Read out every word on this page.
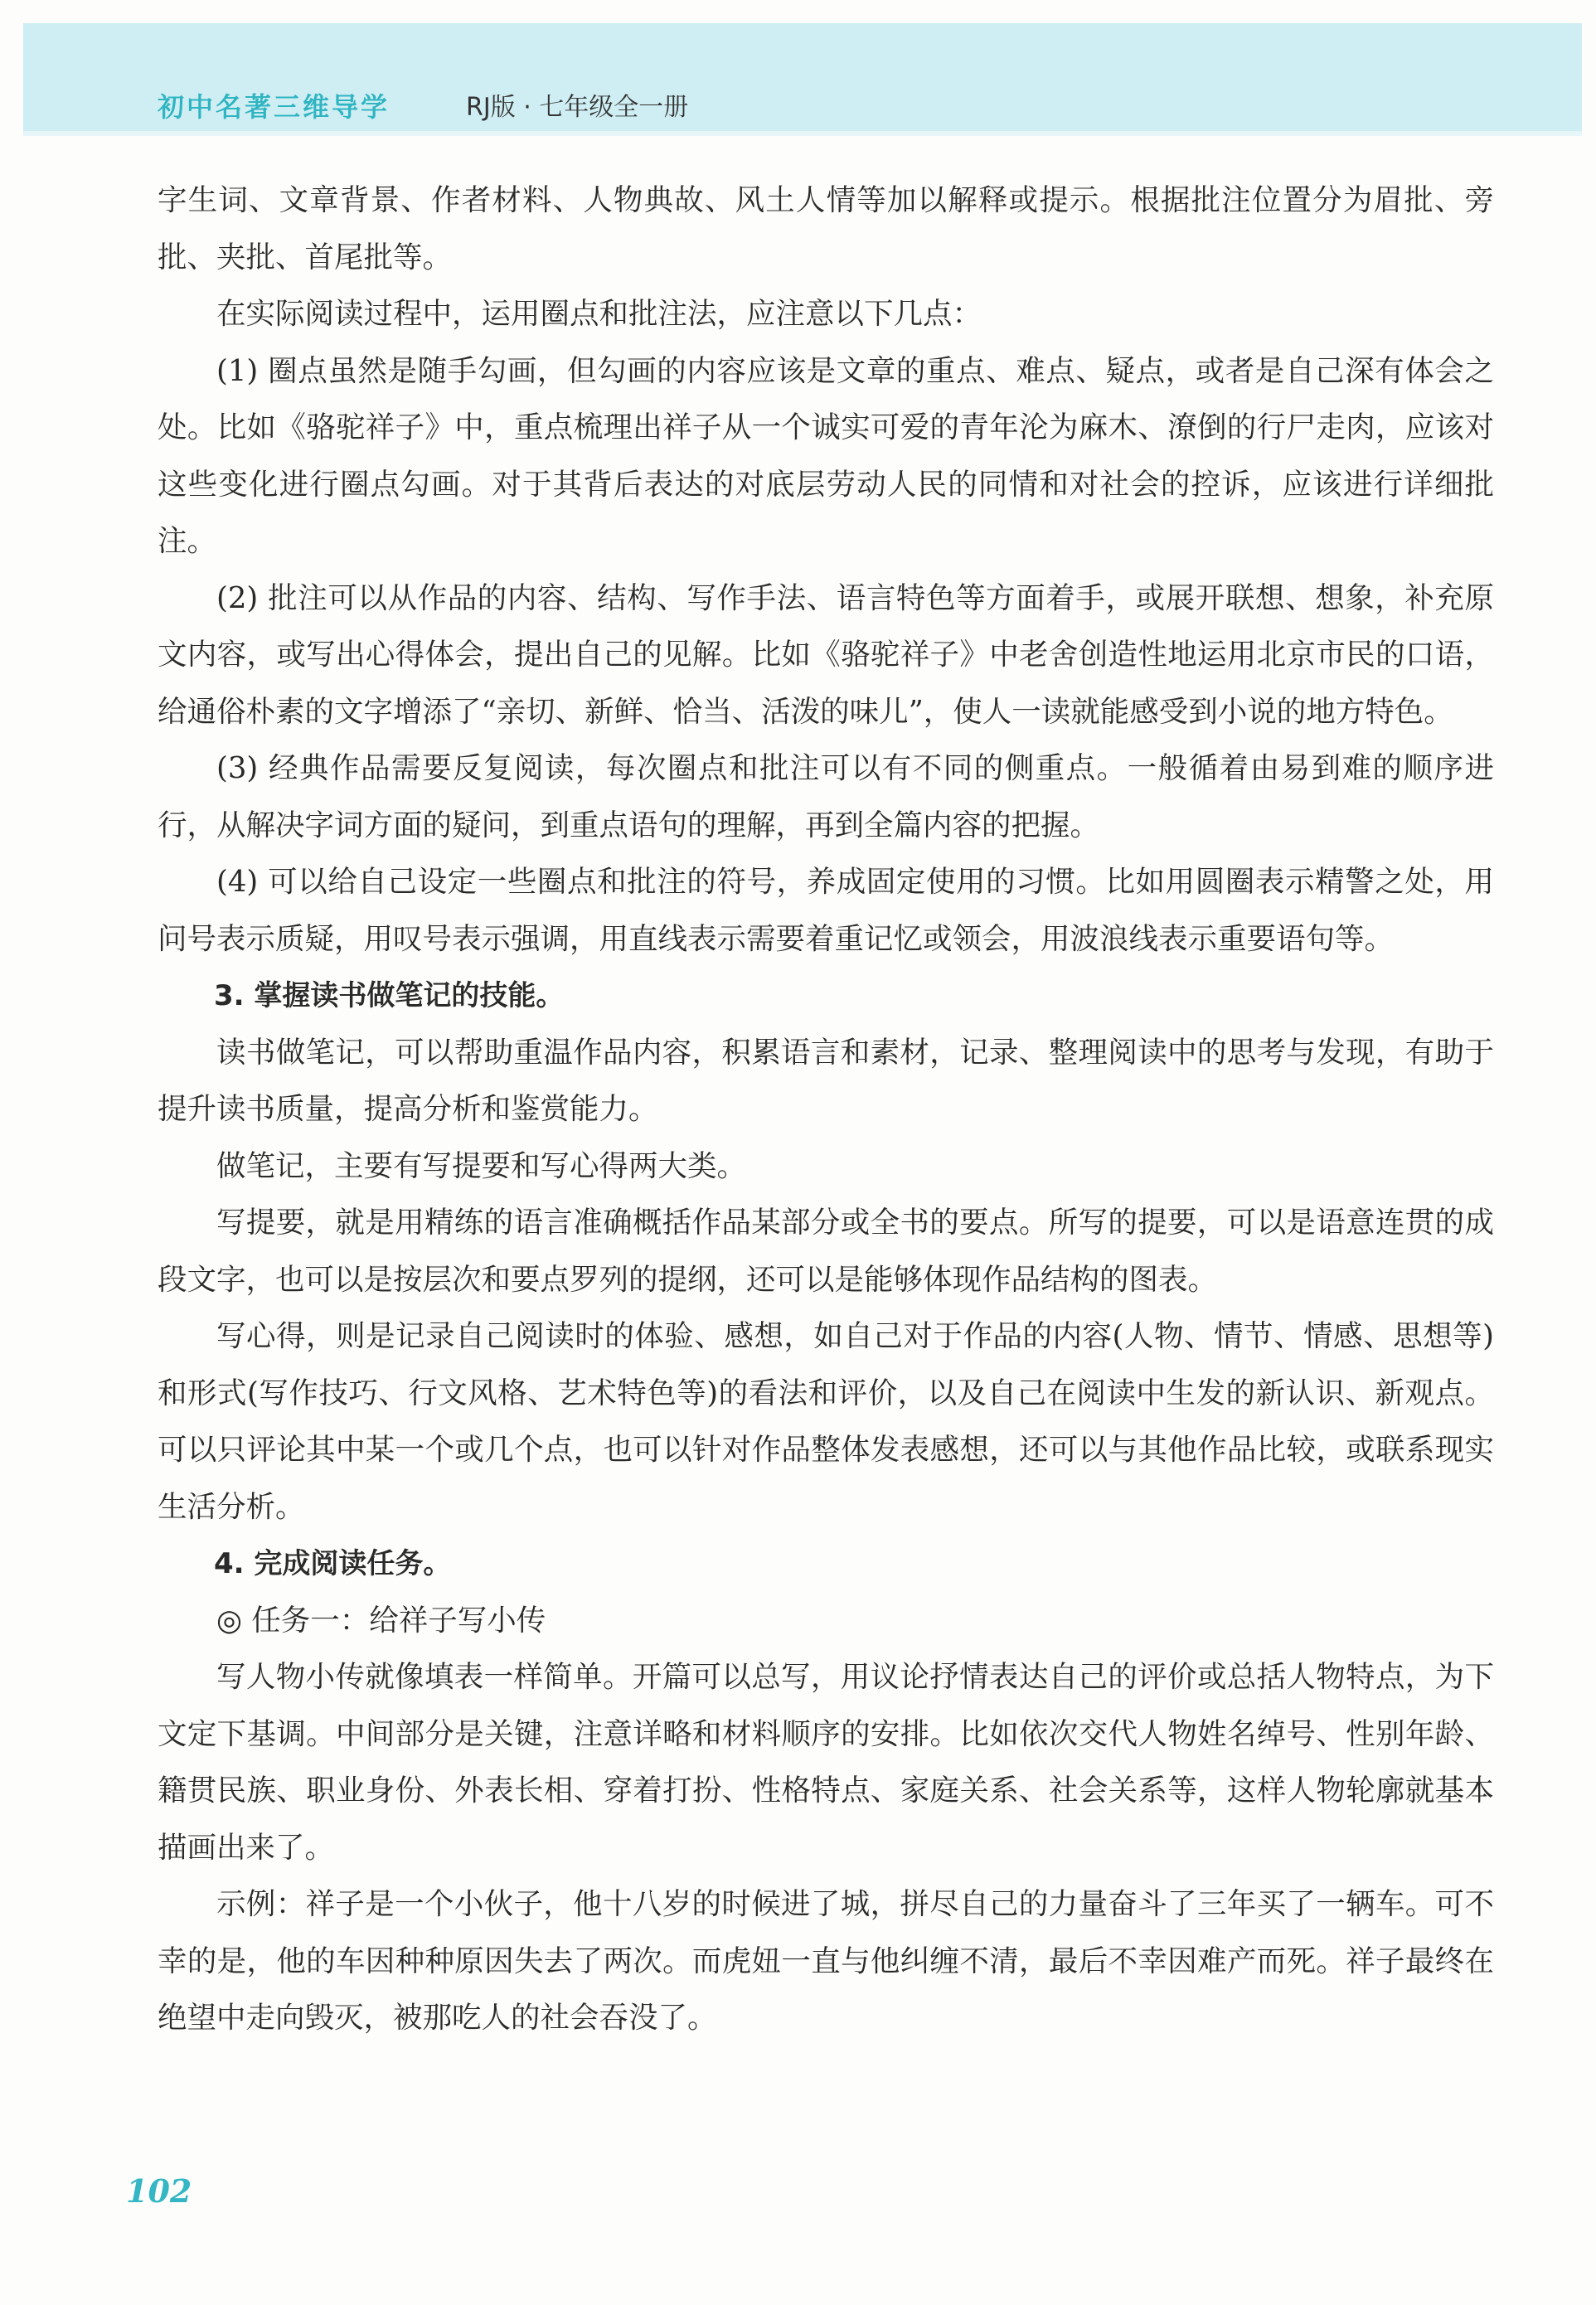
初中名著三维导学	RJ版 · 七年级全一册

字生词、文章背景、作者材料、人物典故、风土人情等加以解释或提示。根据批注位置分为眉批、旁批、夹批、首尾批等。

在实际阅读过程中，运用圈点和批注法，应注意以下几点：

(1) 圈点虽然是随手勾画，但勾画的内容应该是文章的重点、难点、疑点，或者是自己深有体会之处。比如《骆驼祥子》中，重点梳理出祥子从一个诚实可爱的青年沦为麻木、潦倒的行尸走肉，应该对这些变化进行圈点勾画。对于其背后表达的对底层劳动人民的同情和对社会的控诉，应该进行详细批注。

(2) 批注可以从作品的内容、结构、写作手法、语言特色等方面着手，或展开联想、想象，补充原文内容，或写出心得体会，提出自己的见解。比如《骆驼祥子》中老舍创造性地运用北京市民的口语，给通俗朴素的文字增添了“亲切、新鲜、恰当、活泼的味儿”，使人一读就能感受到小说的地方特色。

(3) 经典作品需要反复阅读，每次圈点和批注可以有不同的侧重点。一般循着由易到难的顺序进行，从解决字词方面的疑问，到重点语句的理解，再到全篇内容的把握。

(4) 可以给自己设定一些圈点和批注的符号，养成固定使用的习惯。比如用圆圈表示精警之处，用问号表示质疑，用叹号表示强调，用直线表示需要着重记忆或领会，用波浪线表示重要语句等。

3. 掌握读书做笔记的技能。

读书做笔记，可以帮助重温作品内容，积累语言和素材，记录、整理阅读中的思考与发现，有助于提升读书质量，提高分析和鉴赏能力。

做笔记，主要有写提要和写心得两大类。

写提要，就是用精练的语言准确概括作品某部分或全书的要点。所写的提要，可以是语意连贯的成段文字，也可以是按层次和要点罗列的提纲，还可以是能够体现作品结构的图表。

写心得，则是记录自己阅读时的体验、感想，如自己对于作品的内容(人物、情节、情感、思想等)和形式(写作技巧、行文风格、艺术特色等)的看法和评价，以及自己在阅读中生发的新认识、新观点。可以只评论其中某一个或几个点，也可以针对作品整体发表感想，还可以与其他作品比较，或联系现实生活分析。

4. 完成阅读任务。

◎ 任务一：给祥子写小传

写人物小传就像填表一样简单。开篇可以总写，用议论抒情表达自己的评价或总括人物特点，为下文定下基调。中间部分是关键，注意详略和材料顺序的安排。比如依次交代人物姓名绰号、性别年龄、籍贯民族、职业身份、外表长相、穿着打扮、性格特点、家庭关系、社会关系等，这样人物轮廓就基本描画出来了。

示例：祥子是一个小伙子，他十八岁的时候进了城，拼尽自己的力量奋斗了三年买了一辆车。可不幸的是，他的车因种种原因失去了两次。而虎妞一直与他纠缠不清，最后不幸因难产而死。祥子最终在绝望中走向毁灭，被那吃人的社会吞没了。

102
